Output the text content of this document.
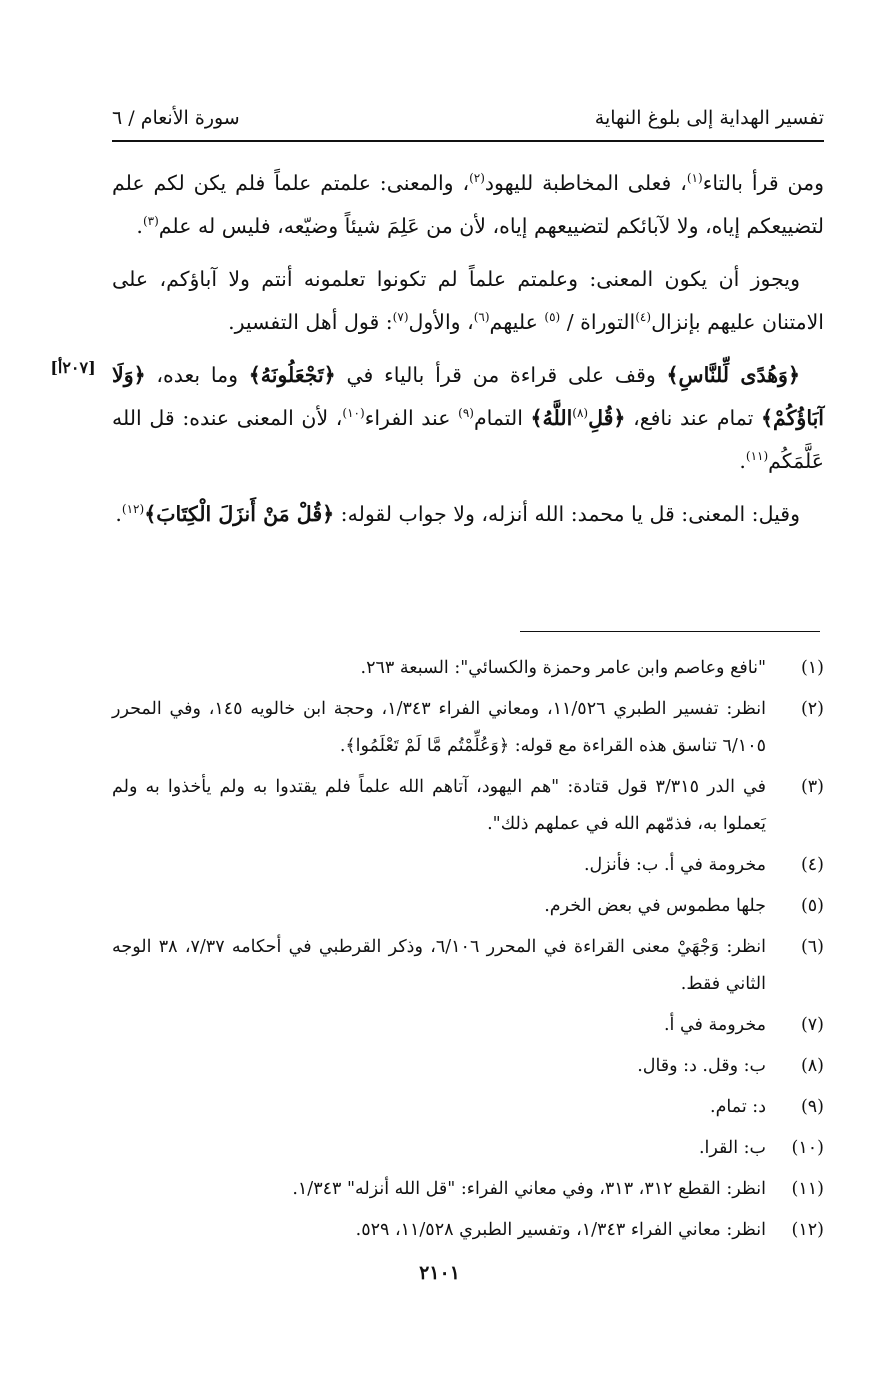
تفسير الهداية إلى بلوغ النهاية
سورة الأنعام / ٦
[٢٠٧أ]

ومن قرأ بالتاء$^{(١)}$، فعلى المخاطبة لليهود$^{(٢)}$، والمعنى: علمتم علماً فلم يكن لكم علم لتضييعكم إياه، ولا لآبائكم لتضييعهم إياه، لأن من عَلِمَ شيئاً وضيّعه، فليس له علم$^{(٣)}$.

ويجوز أن يكون المعنى: وعلمتم علماً لم تكونوا تعلمونه أنتم ولا آباؤكم، على الامتنان عليهم بإنزال$^{(٤)}$التوراة / $^{(٥)}$ عليهم$^{(٦)}$، والأول$^{(٧)}$: قول أهل التفسير.

﴿وَهُدًى لِّلنَّاسِ﴾ وقف على قراءة من قرأ بالياء في ﴿تَجْعَلُونَهُ﴾ وما بعده، ﴿وَلَا آبَاؤُكُمْ﴾ تمام عند نافع، ﴿قُلِ$^{(٨)}$اللَّهُ﴾ التمام$^{(٩)}$ عند الفراء$^{(١٠)}$، لأن المعنى عنده: قل الله عَلَّمَكُم$^{(١١)}$.

وقيل: المعنى: قل يا محمد: الله أنزله، ولا جواب لقوله: ﴿قُلْ مَنْ أَنزَلَ الْكِتَابَ﴾$^{(١٢)}$.

(١)
"نافع وعاصم وابن عامر وحمزة والكسائي": السبعة ٢٦٣.
(٢)
انظر: تفسير الطبري ١١/٥٢٦، ومعاني الفراء ١/٣٤٣، وحجة ابن خالويه ١٤٥، وفي المحرر ٦/١٠٥ تناسق هذه القراءة مع قوله: ﴿وَعُلِّمْتُم مَّا لَمْ تَعْلَمُوا﴾.
(٣)
في الدر ٣/٣١٥ قول قتادة: "هم اليهود، آتاهم الله علماً فلم يقتدوا به ولم يأخذوا به ولم يَعملوا به، فذمّهم الله في عملهم ذلك".
(٤)
مخرومة في أ. ب: فأنزل.
(٥)
جلها مطموس في بعض الخرم.
(٦)
انظر: وَجْهَيْ معنى القراءة في المحرر ٦/١٠٦، وذكر القرطبي في أحكامه ٧/٣٧، ٣٨ الوجه الثاني فقط.
(٧)
مخرومة في أ.
(٨)
ب: وقل. د: وقال.
(٩)
د: تمام.
(١٠)
ب: القرا.
(١١)
انظر: القطع ٣١٢، ٣١٣، وفي معاني الفراء: "قل الله أنزله" ١/٣٤٣.
(١٢)
انظر: معاني الفراء ١/٣٤٣، وتفسير الطبري ١١/٥٢٨، ٥٢٩.
٢١٠١
